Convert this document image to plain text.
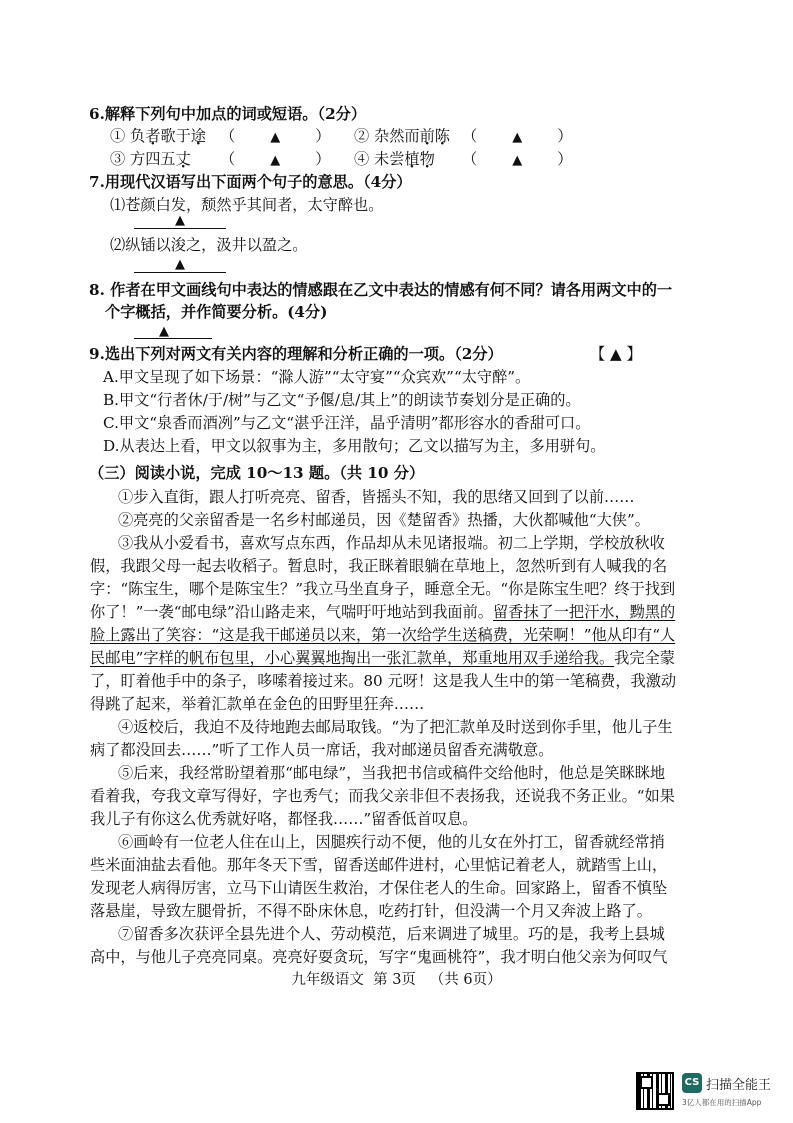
6.解释下列句中加点的词或短语。（2分）
① 负者歌于途 （	▲ ） ② 杂然而前陈 （	▲ ）
③ 方四五丈 （	▲ ） ④ 未尝植物 （	▲ ）
7.用现代汉语写出下面两个句子的意思。（4分）
⑴苍颜白发，颓然乎其间者，太守醉也。
▲
⑵纵锸以浚之，汲井以盈之。
▲
8. 作者在甲文画线句中表达的情感跟在乙文中表达的情感有何不同？请各用两文中的一
个字概括，并作简要分析。(4分)
▲
9.选出下列对两文有关内容的理解和分析正确的一项。（2分）	【 ▲ 】
A.甲文呈现了如下场景：“滁人游”“太守宴”“众宾欢”“太守醉”。
B.甲文“行者休/于/树”与乙文“予偃/息/其上”的朗读节奏划分是正确的。
C.甲文“泉香而酒冽”与乙文“湛乎汪洋，晶乎清明”都形容水的香甜可口。
D.从表达上看，甲文以叙事为主，多用散句；乙文以描写为主，多用骈句。
（三）阅读小说，完成 10～13 题。（共 10 分）
①步入直街，跟人打听亮亮、留香，皆摇头不知，我的思绪又回到了以前……
②亮亮的父亲留香是一名乡村邮递员，因《楚留香》热播，大伙都喊他“大侠”。
③我从小爱看书，喜欢写点东西，作品却从未见诸报端。初二上学期，学校放秋收
假，我跟父母一起去收稻子。暂息时，我正眯着眼躺在草地上，忽然听到有人喊我的名
字：“陈宝生，哪个是陈宝生？”我立马坐直身子，睡意全无。“你是陈宝生吧？终于找到
你了！”一袭“邮电绿”沿山路走来，气喘吁吁地站到我面前。留香抹了一把汗水，黝黑的
脸上露出了笑容：“这是我干邮递员以来，第一次给学生送稿费，光荣啊！”他从印有“人
民邮电”字样的帆布包里，小心翼翼地掏出一张汇款单，郑重地用双手递给我。我完全蒙
了，盯着他手中的条子，哆嗦着接过来。80 元呀！这是我人生中的第一笔稿费，我激动
得跳了起来，举着汇款单在金色的田野里狂奔……
④返校后，我迫不及待地跑去邮局取钱。“为了把汇款单及时送到你手里，他儿子生
病了都没回去……”听了工作人员一席话，我对邮递员留香充满敬意。
⑤后来，我经常盼望着那“邮电绿”，当我把书信或稿件交给他时，他总是笑眯眯地
看着我，夸我文章写得好，字也秀气；而我父亲非但不表扬我，还说我不务正业。“如果
我儿子有你这么优秀就好咯，都怪我……”留香低首叹息。
⑥画岭有一位老人住在山上，因腿疾行动不便，他的儿女在外打工，留香就经常捎
些米面油盐去看他。那年冬天下雪，留香送邮件进村，心里惦记着老人，就踏雪上山，
发现老人病得厉害，立马下山请医生救治，才保住老人的生命。回家路上，留香不慎坠
落悬崖，导致左腿骨折，不得不卧床休息，吃药打针，但没满一个月又奔波上路了。
⑦留香多次获评全县先进个人、劳动模范，后来调进了城里。巧的是，我考上县城
高中，与他儿子亮亮同桌。亮亮好耍贪玩，写字“鬼画桃符”，我才明白他父亲为何叹气
九年级语文 第 3页 （共 6页）
CS 扫描全能王
3亿人都在用的扫描App
